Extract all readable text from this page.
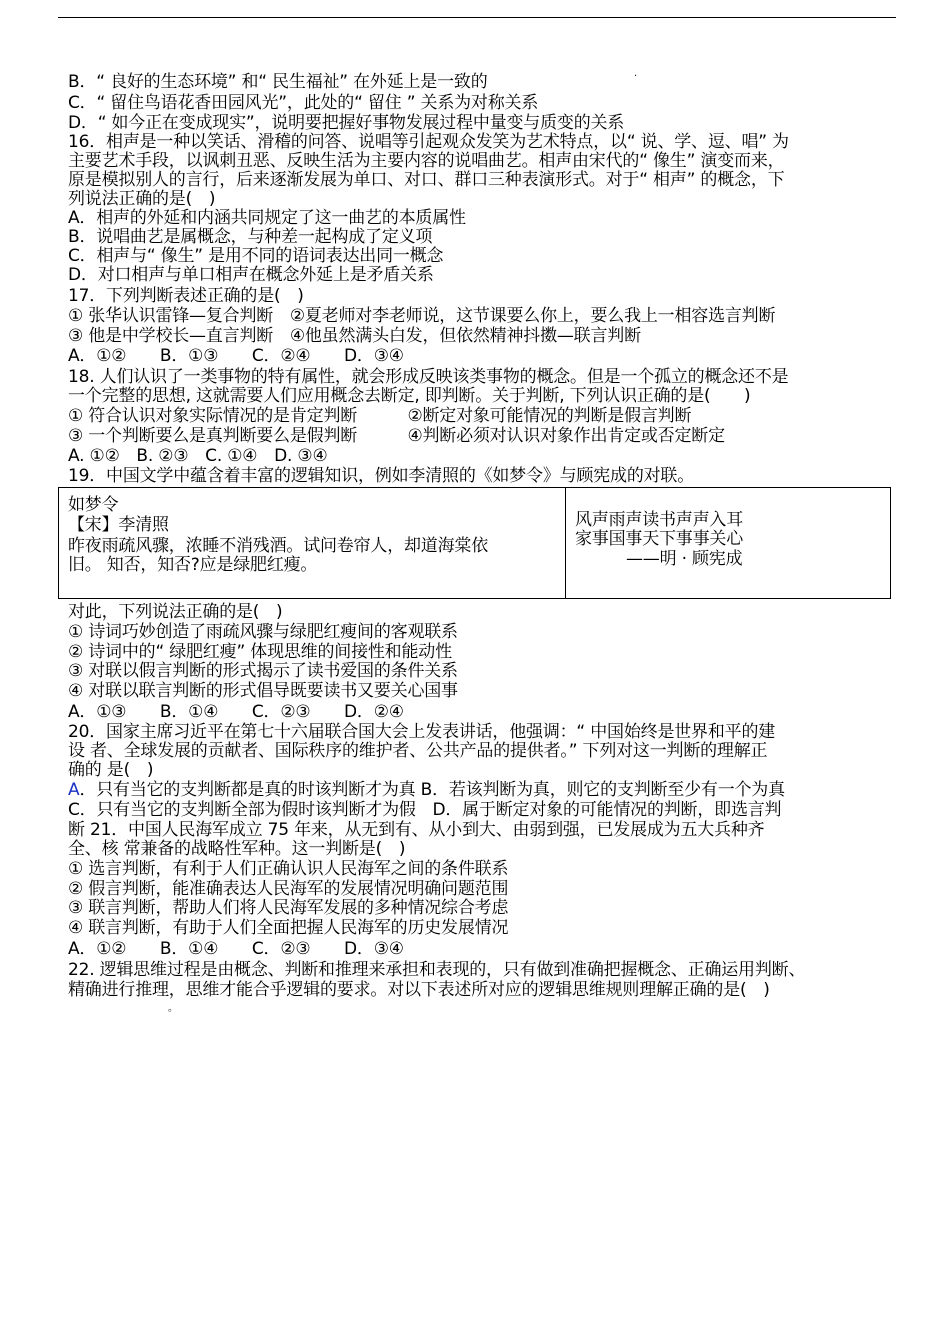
·
B．“ 良好的生态环境” 和“ 民生福祉” 在外延上是一致的
C．“ 留住鸟语花香田园风光”，此处的“ 留住 ” 关系为对称关系
D．“ 如今正在变成现实”，说明要把握好事物发展过程中量变与质变的关系
16．相声是一种以笑话、滑稽的问答、说唱等引起观众发笑为艺术特点，以“ 说、学、逗、唱” 为
主要艺术手段，以讽刺丑恶、反映生活为主要内容的说唱曲艺。相声由宋代的“ 像生” 演变而来，
原是模拟别人的言行，后来逐渐发展为单口、对口、群口三种表演形式。对于“ 相声” 的概念，下
列说法正确的是(　)
A．相声的外延和内涵共同规定了这一曲艺的本质属性
B．说唱曲艺是属概念，与种差一起构成了定义项
C．相声与“ 像生” 是用不同的语词表达出同一概念
D．对口相声与单口相声在概念外延上是矛盾关系
17．下列判断表述正确的是(　)
① 张华认识雷锋—复合判断　②夏老师对李老师说，这节课要么你上，要么我上一相容选言判断
③ 他是中学校长—直言判断　④他虽然满头白发，但依然精神抖擞—联言判断
A．①②　　B．①③　　C．②④　　D．③④
18. 人们认识了一类事物的特有属性，就会形成反映该类事物的概念。但是一个孤立的概念还不是
一个完整的思想, 这就需要人们应用概念去断定, 即判断。关于判断, 下列认识正确的是(　　)
① 符合认识对象实际情况的是肯定判断　　　②断定对象可能情况的判断是假言判断
③ 一个判断要么是真判断要么是假判断　　　④判断必须对认识对象作出肯定或否定断定
A. ①②　B. ②③　C. ①④　D. ③④
19．中国文学中蕴含着丰富的逻辑知识，例如李清照的《如梦令》与顾宪成的对联。
如梦令
【宋】李清照
昨夜雨疏风骤，浓睡不消残酒。试问卷帘人，却道海棠依
旧。 知否，知否?应是绿肥红瘦。
风声雨声读书声声入耳
家事国事天下事事关心
——明 · 顾宪成
对此，下列说法正确的是(　)
① 诗词巧妙创造了雨疏风骤与绿肥红瘦间的客观联系
② 诗词中的“ 绿肥红瘦” 体现思维的间接性和能动性
③ 对联以假言判断的形式揭示了读书爱国的条件关系
④ 对联以联言判断的形式倡导既要读书又要关心国事
A．①③　　B．①④　　C．②③　　D．②④
20．国家主席习近平在第七十六届联合国大会上发表讲话，他强调：“ 中国始终是世界和平的建
设 者、全球发展的贡献者、国际秩序的维护者、公共产品的提供者。” 下列对这一判断的理解正
确的 是(　)
A．只有当它的支判断都是真的时该判断才为真 B．若该判断为真，则它的支判断至少有一个为真
C．只有当它的支判断全部为假时该判断才为假　D．属于断定对象的可能情况的判断，即选言判
断 21．中国人民海军成立 75 年来，从无到有、从小到大、由弱到强，已发展成为五大兵种齐
全、核 常兼备的战略性军种。这一判断是(　)
① 选言判断，有利于人们正确认识人民海军之间的条件联系
② 假言判断，能准确表达人民海军的发展情况明确问题范围
③ 联言判断，帮助人们将人民海军发展的多种情况综合考虑
④ 联言判断，有助于人们全面把握人民海军的历史发展情况
A．①②　　B．①④　　C．②③　　D．③④
22. 逻辑思维过程是由概念、判断和推理来承担和表现的，只有做到准确把握概念、正确运用判断、
精确进行推理，思维才能合乎逻辑的要求。对以下表述所对应的逻辑思维规则理解正确的是(　)
。
